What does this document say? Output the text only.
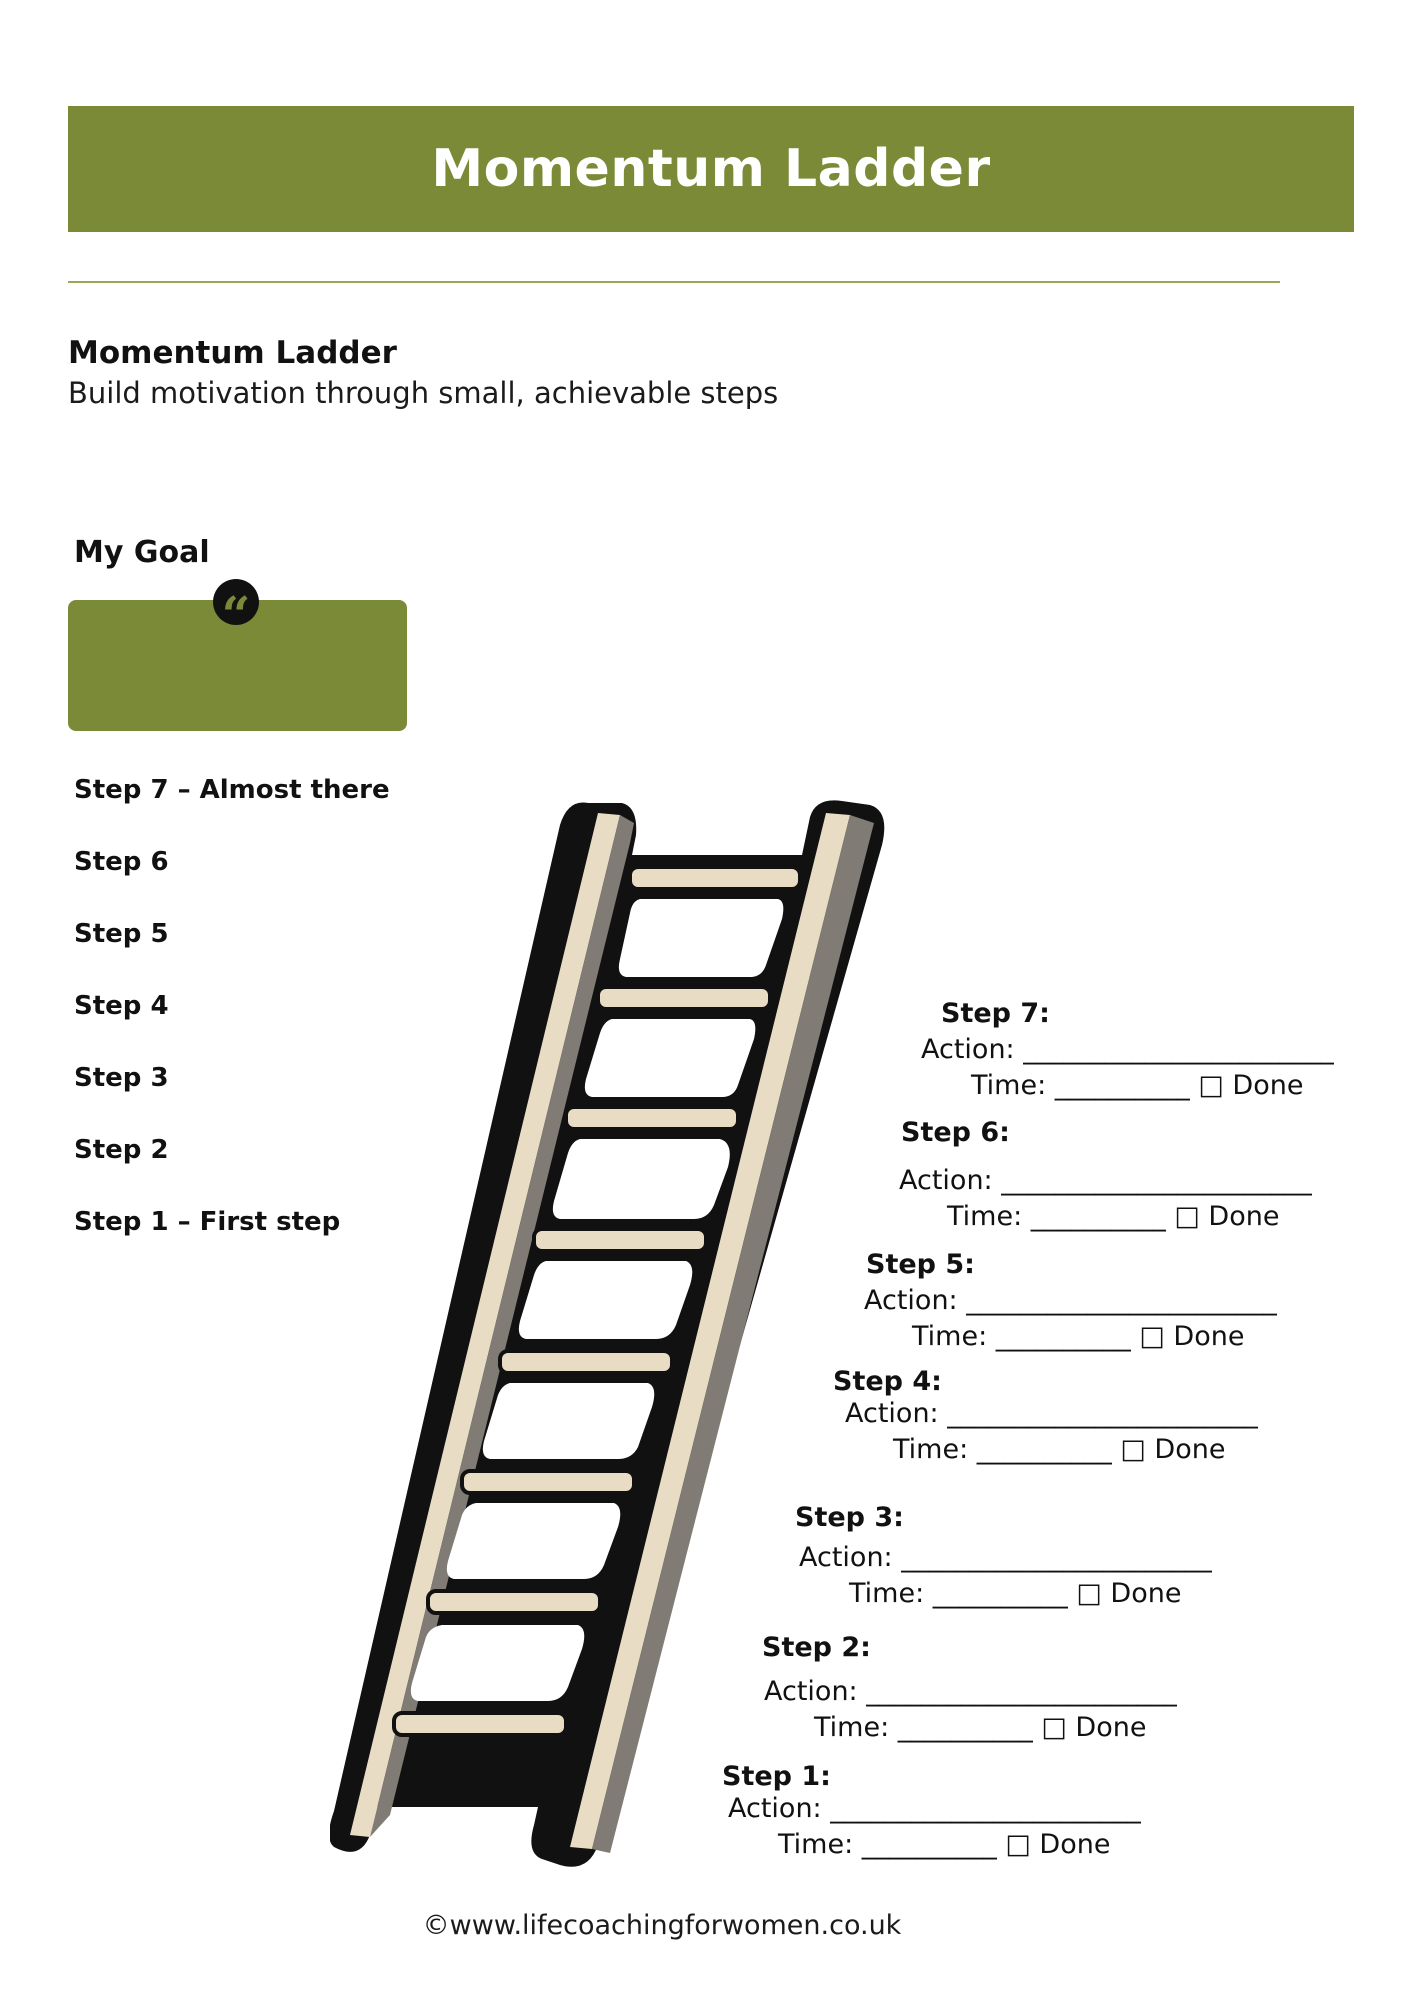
Momentum Ladder
Momentum Ladder
Build motivation through small, achievable steps
My Goal
“
Step 7 – Almost there
Step 6
Step 5
Step 4
Step 3
Step 2
Step 1 – First step
Step 7:
Action: _______________________
Time: __________ □ Done
Step 6:
Action: _______________________
Time: __________ □ Done
Step 5:
Action: _______________________
Time: __________ □ Done
Step 4:
Action: _______________________
Time: __________ □ Done
Step 3:
Action: _______________________
Time: __________ □ Done
Step 2:
Action: _______________________
Time: __________ □ Done
Step 1:
Action: _______________________
Time: __________ □ Done
©www.lifecoachingforwomen.co.uk
